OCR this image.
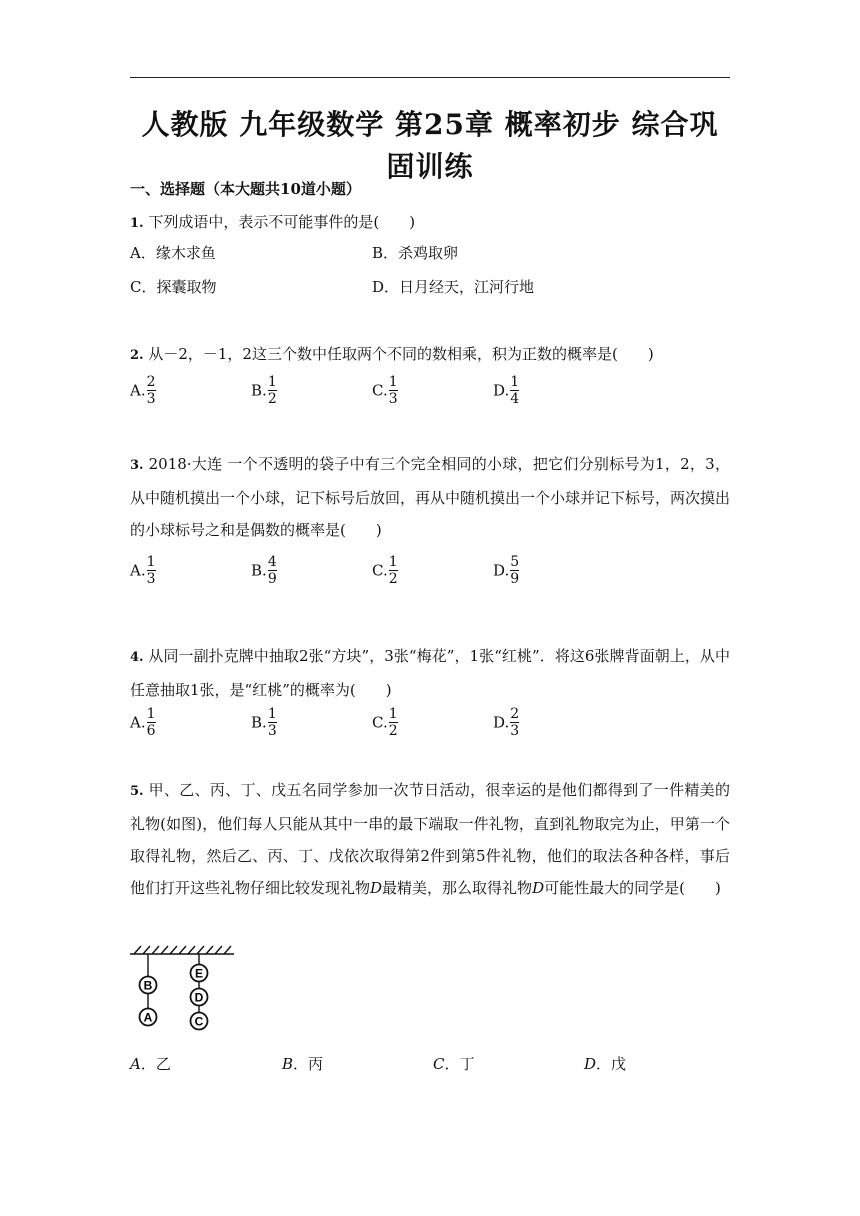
人教版 九年级数学 第25章 概率初步 综合巩
固训练
一、选择题（本大题共10道小题）
1. 下列成语中，表示不可能事件的是(　　)
A．缘木求鱼	B．杀鸡取卵
C．探囊取物	D．日月经天，江河行地
2. 从－2，－1，2这三个数中任取两个不同的数相乘，积为正数的概率是(　　)
A. $\frac{2}{3}$	B. $\frac{1}{2}$	C. $\frac{1}{3}$	D. $\frac{1}{4}$
3. 2018·大连 一个不透明的袋子中有三个完全相同的小球，把它们分别标号为1，2，3，从中随机摸出一个小球，记下标号后放回，再从中随机摸出一个小球并记下标号，两次摸出的小球标号之和是偶数的概率是(　　)
A. $\frac{1}{3}$	B. $\frac{4}{9}$	C. $\frac{1}{2}$	D. $\frac{5}{9}$
4. 从同一副扑克牌中抽取2张“方块”，3张“梅花”，1张“红桃”．将这6张牌背面朝上，从中任意抽取1张，是“红桃”的概率为(　　)
A. $\frac{1}{6}$	B. $\frac{1}{3}$	C. $\frac{1}{2}$	D. $\frac{2}{3}$
5. 甲、乙、丙、丁、戊五名同学参加一次节日活动，很幸运的是他们都得到了一件精美的礼物(如图)，他们每人只能从其中一串的最下端取一件礼物，直到礼物取完为止，甲第一个取得礼物，然后乙、丙、丁、戊依次取得第2件到第5件礼物，他们的取法各种各样，事后他们打开这些礼物仔细比较发现礼物D最精美，那么取得礼物D可能性最大的同学是(　　)
B
A
E
D
C
A．乙	B．丙	C．丁	D．戊
